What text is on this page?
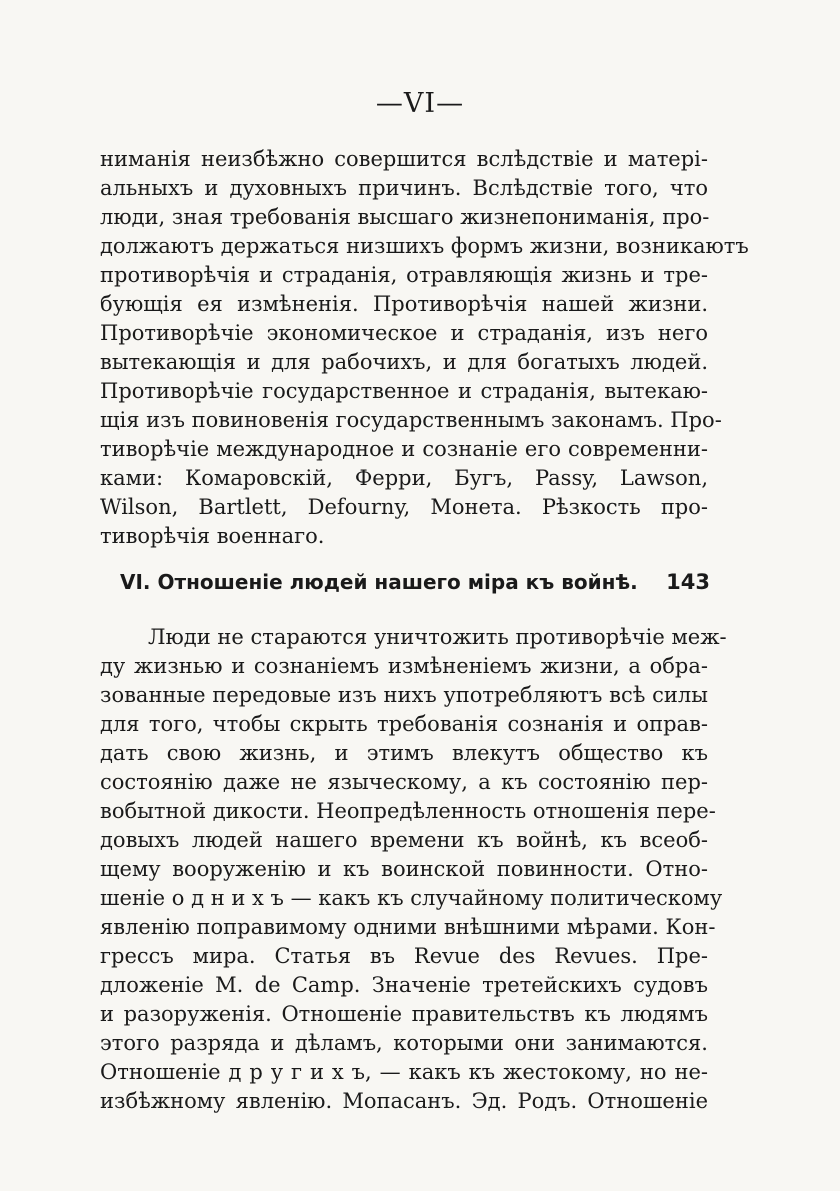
—VI—
ниманія неизбѣжно совершится вслѣдствіе и матері-
альныхъ и духовныхъ причинъ. Вслѣдствіе того, что
люди, зная требованія высшаго жизнепониманія, про-
должаютъ держаться низшихъ формъ жизни, возникаютъ
противорѣчія и страданія, отравляющія жизнь и тре-
бующія ея измѣненія. Противорѣчія нашей жизни.
Противорѣчіе экономическое и страданія, изъ него
вытекающія и для рабочихъ, и для богатыхъ людей.
Противорѣчіе государственное и страданія, вытекаю-
щія изъ повиновенія государственнымъ законамъ. Про-
тиворѣчіе международное и сознаніе его современни-
ками: Комаровскій, Ферри, Бугъ, Passy, Lawson,
Wilson, Bartlett, Defourny, Монета. Рѣзкость про-
тиворѣчія военнаго.
VI. Отношеніе людей нашего міра къ войнѣ. 143
Люди не стараются уничтожить противорѣчіе меж-
ду жизнью и сознаніемъ измѣненіемъ жизни, а обра-
зованные передовые изъ нихъ употребляютъ всѣ силы
для того, чтобы скрыть требованія сознанія и оправ-
дать свою жизнь, и этимъ влекутъ общество къ
состоянію даже не языческому, а къ состоянію пер-
вобытной дикости. Неопредѣленность отношенія пере-
довыхъ людей нашего времени къ войнѣ, къ всеоб-
щему вооруженію и къ воинской повинности. Отно-
шеніе о д н и х ъ — какъ къ случайному политическому
явленію поправимому одними внѣшними мѣрами. Кон-
грессъ мира. Статья въ Revue des Revues. Пре-
дложеніе M. de Camp. Значеніе третейскихъ судовъ
и разоруженія. Отношеніе правительствъ къ людямъ
этого разряда и дѣламъ, которыми они занимаются.
Отношеніе д р у г и х ъ, — какъ къ жестокому, но не-
избѣжному явленію. Мопасанъ. Эд. Родъ. Отношеніе
